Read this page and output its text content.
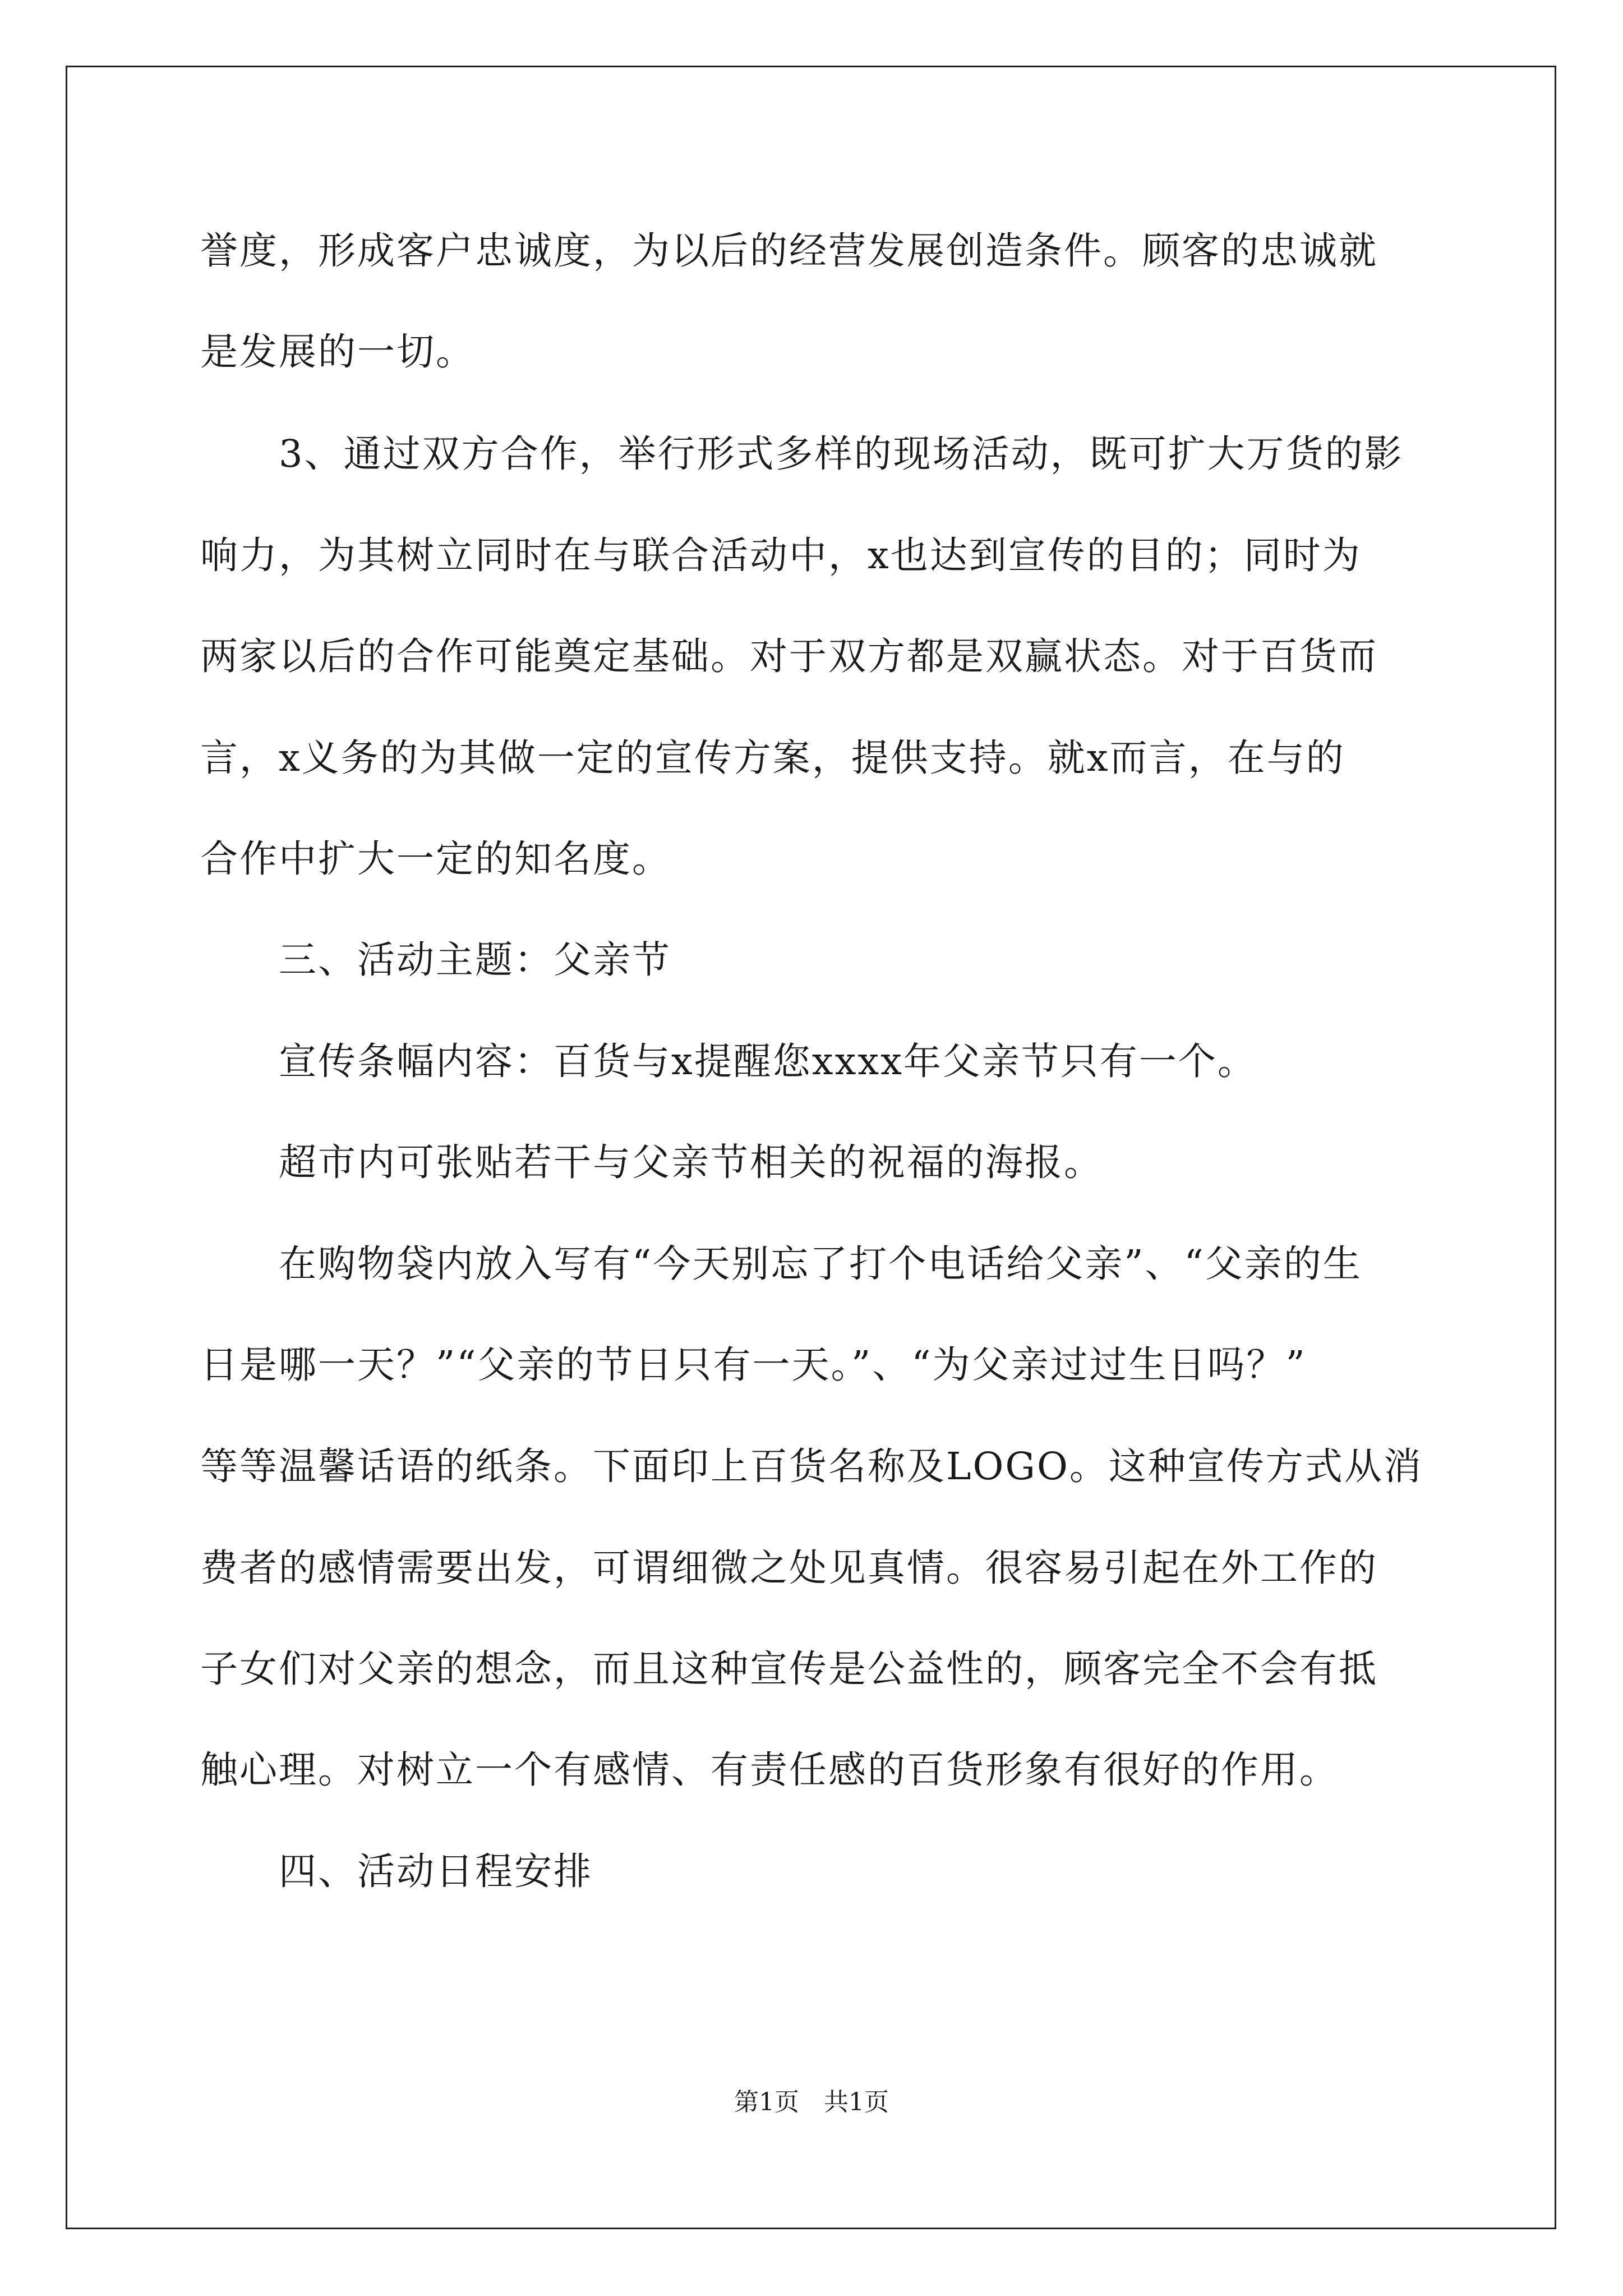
誉度，形成客户忠诚度，为以后的经营发展创造条件。顾客的忠诚就

是发展的一切。

　　3、通过双方合作，举行形式多样的现场活动，既可扩大万货的影

响力，为其树立同时在与联合活动中，x也达到宣传的目的；同时为

两家以后的合作可能奠定基础。对于双方都是双赢状态。对于百货而

言，x义务的为其做一定的宣传方案，提供支持。就x而言，在与的

合作中扩大一定的知名度。

　　三、活动主题：父亲节

　　宣传条幅内容：百货与x提醒您xxxx年父亲节只有一个。

　　超市内可张贴若干与父亲节相关的祝福的海报。

　　在购物袋内放入写有“今天别忘了打个电话给父亲”、“父亲的生

日是哪一天？”“父亲的节日只有一天。”、“为父亲过过生日吗？”

等等温馨话语的纸条。下面印上百货名称及LOGO。这种宣传方式从消

费者的感情需要出发，可谓细微之处见真情。很容易引起在外工作的

子女们对父亲的想念，而且这种宣传是公益性的，顾客完全不会有抵

触心理。对树立一个有感情、有责任感的百货形象有很好的作用。

　　四、活动日程安排

第1页　共1页
